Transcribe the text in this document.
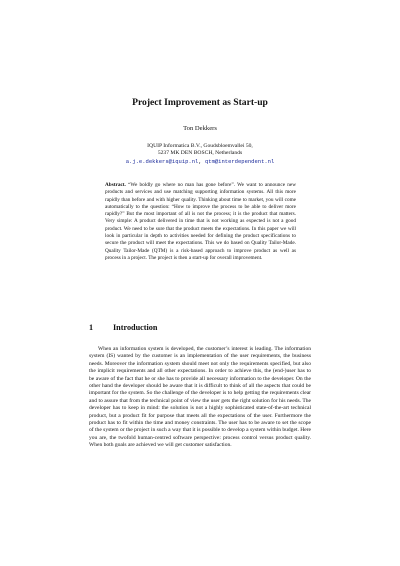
Project Improvement as Start-up
Ton Dekkers
IQUIP Informatica B.V., Goudsbloemvallei 50,
5237 MK DEN BOSCH, Netherlands
a.j.e.dekkers@iquip.nl, qtm@interdependent.nl
Abstract. “We boldly go where no man has gone before”. We want to announce new products and services and use matching supporting information systems. All this more rapidly than before and with higher quality. Thinking about time to market, you will come automatically to the question: “How to improve the process to be able to deliver more rapidly?” But the most important of all is not the process; it is the product that matters. Very simple: A product delivered in time that is not working as expected is not a good product. We need to be sure that the product meets the expectations. In this paper we will look in particular in depth to activities needed for defining the product specifications to secure the product will meet the expectations. This we do based on Quality Tailor-Made. Quality Tailor-Made (QTM) is a risk-based approach to improve product as well as process in a project. The project is then a start-up for overall improvement.
1 Introduction
When an information system is developed, the customer’s interest is leading. The information system (IS) wanted by the customer is an implementation of the user requirements, the business needs. Moreover the information system should meet not only the requirements specified, but also the implicit requirements and all other expectations. In order to achieve this, the (end-)user has to be aware of the fact that he or she has to provide all necessary information to the developer. On the other hand the developer should be aware that it is difficult to think of all the aspects that could be important for the system. So the challenge of the developer is to help getting the requirements clear and to assure that from the technical point of view the user gets the right solution for his needs. The developer has to keep in mind: the solution is not a highly sophisticated state-of-the-art technical product, but a product fit for purpose that meets all the expectations of the user. Furthermore the product has to fit within the time and money constraints. The user has to be aware to set the scope of the system or the project in such a way that it is possible to develop a system within budget. Here you are, the twofold human-centred software perspective: process control versus product quality. When both goals are achieved we will get customer satisfaction.
